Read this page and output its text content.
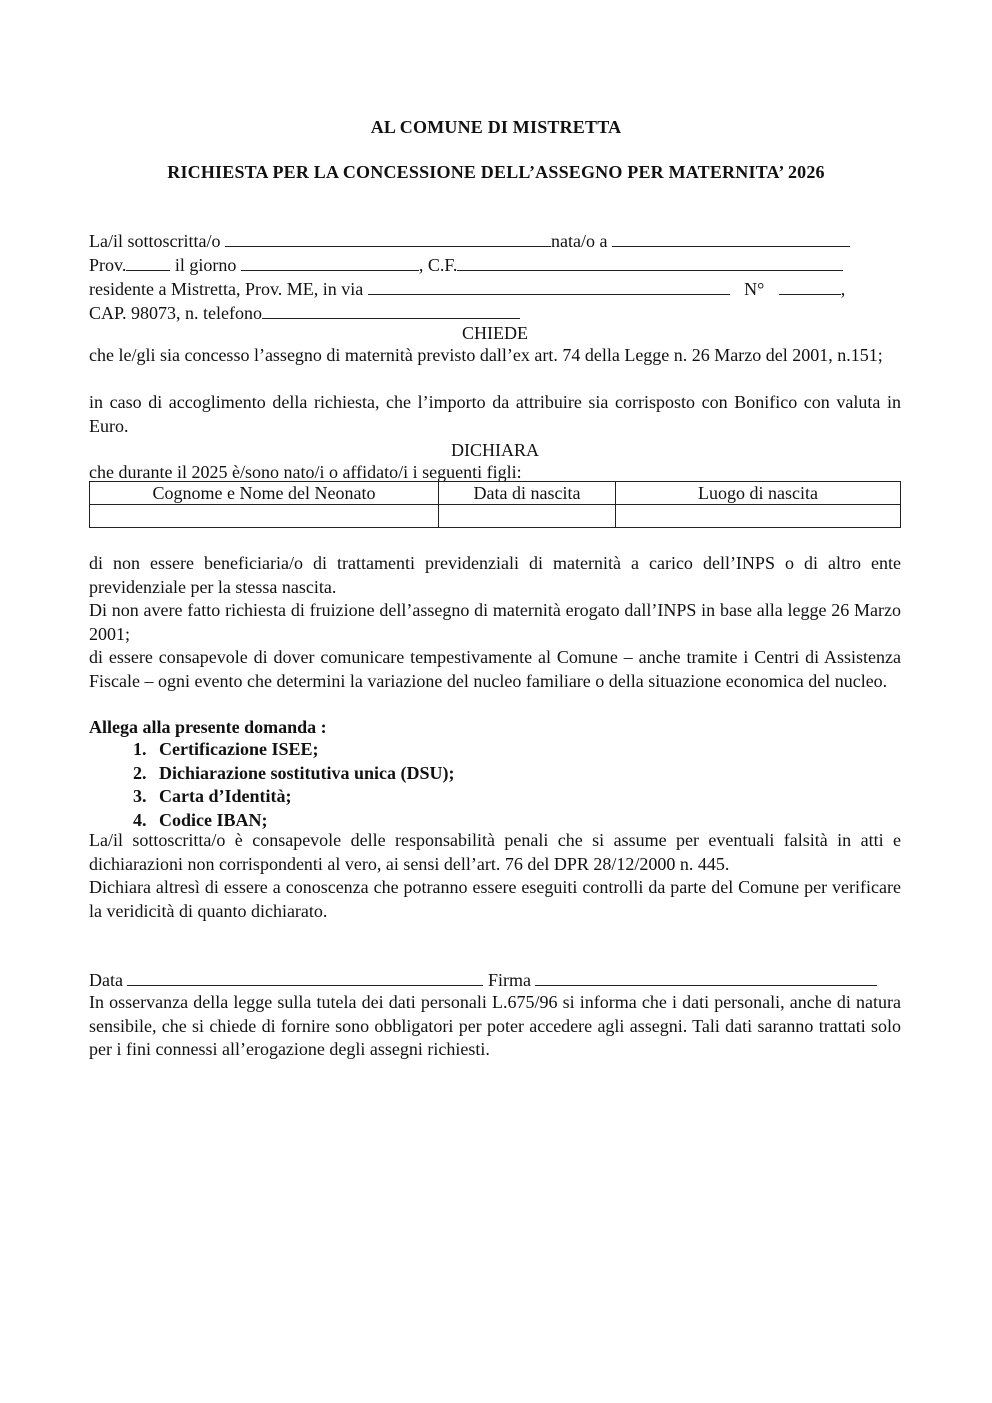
AL COMUNE DI MISTRETTA
RICHIESTA PER LA CONCESSIONE DELL’ASSEGNO PER MATERNITA’ 2026
La/il sottoscritta/o	nata/o a
Prov.	il giorno	, C.F.
residente a Mistretta, Prov. ME, in via	N°	,
CAP. 98073, n. telefono
CHIEDE
che le/gli sia concesso l’assegno di maternità previsto dall’ex art. 74 della Legge n. 26 Marzo del 2001, n.151;
in caso di accoglimento della richiesta, che l’importo da attribuire sia corrisposto con Bonifico con valuta in Euro.
DICHIARA
che durante il 2025 è/sono nato/i o affidato/i i seguenti figli:
Cognome e Nome del Neonato	Data di nascita	Luogo di nascita

di non essere beneficiaria/o di trattamenti previdenziali di maternità a carico dell’INPS o di altro ente previdenziale per la stessa nascita.
Di non avere fatto richiesta di fruizione dell’assegno di maternità erogato dall’INPS in base alla legge 26 Marzo 2001;
di essere consapevole di dover comunicare tempestivamente al Comune – anche tramite i Centri di Assistenza Fiscale – ogni evento che determini la variazione del nucleo familiare o della situazione economica del nucleo.
Allega alla presente domanda :
1. Certificazione ISEE;
2. Dichiarazione sostitutiva unica (DSU);
3. Carta d’Identità;
4. Codice IBAN;
La/il sottoscritta/o è consapevole delle responsabilità penali che si assume per eventuali falsità in atti e dichiarazioni non corrispondenti al vero, ai sensi dell’art. 76 del DPR 28/12/2000 n. 445.
Dichiara altresì di essere a conoscenza che potranno essere eseguiti controlli da parte del Comune per verificare la veridicità di quanto dichiarato.
Data	Firma
In osservanza della legge sulla tutela dei dati personali L.675/96 si informa che i dati personali, anche di natura sensibile, che si chiede di fornire sono obbligatori per poter accedere agli assegni. Tali dati saranno trattati solo per i fini connessi all’erogazione degli assegni richiesti.
